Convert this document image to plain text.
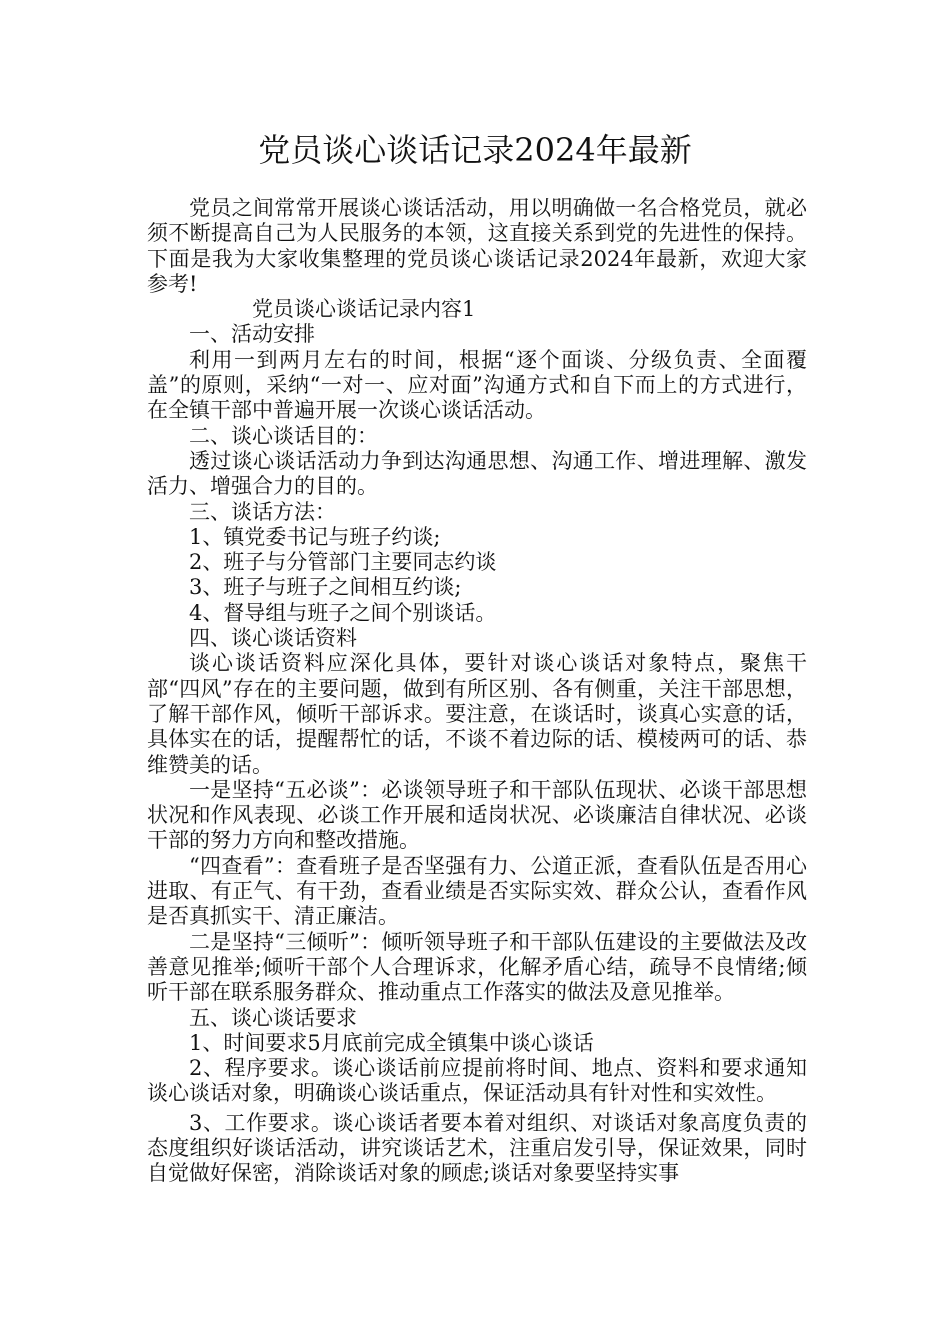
党员谈心谈话记录2024年最新

党员之间常常开展谈心谈话活动，用以明确做一名合格党员，就必须不断提高自己为人民服务的本领，这直接关系到党的先进性的保持。下面是我为大家收集整理的党员谈心谈话记录2024年最新，欢迎大家参考!

党员谈心谈话记录内容1

一、活动安排

利用一到两月左右的时间，根据“逐个面谈、分级负责、全面覆盖”的原则，采纳“一对一、应对面”沟通方式和自下而上的方式进行，在全镇干部中普遍开展一次谈心谈话活动。

二、谈心谈话目的：

透过谈心谈话活动力争到达沟通思想、沟通工作、增进理解、激发活力、增强合力的目的。

三、谈话方法：

1、镇党委书记与班子约谈;

2、班子与分管部门主要同志约谈

3、班子与班子之间相互约谈;

4、督导组与班子之间个别谈话。

四、谈心谈话资料

谈心谈话资料应深化具体，要针对谈心谈话对象特点，聚焦干部“四风”存在的主要问题，做到有所区别、各有侧重，关注干部思想，了解干部作风，倾听干部诉求。要注意，在谈话时，谈真心实意的话，具体实在的话，提醒帮忙的话，不谈不着边际的话、模棱两可的话、恭维赞美的话。

一是坚持“五必谈”：必谈领导班子和干部队伍现状、必谈干部思想状况和作风表现、必谈工作开展和适岗状况、必谈廉洁自律状况、必谈干部的努力方向和整改措施。

“四查看”：查看班子是否坚强有力、公道正派，查看队伍是否用心进取、有正气、有干劲，查看业绩是否实际实效、群众公认，查看作风是否真抓实干、清正廉洁。

二是坚持“三倾听”：倾听领导班子和干部队伍建设的主要做法及改善意见推举;倾听干部个人合理诉求，化解矛盾心结，疏导不良情绪;倾听干部在联系服务群众、推动重点工作落实的做法及意见推举。

五、谈心谈话要求

1、时间要求5月底前完成全镇集中谈心谈话

2、程序要求。谈心谈话前应提前将时间、地点、资料和要求通知谈心谈话对象，明确谈心谈话重点，保证活动具有针对性和实效性。

3、工作要求。谈心谈话者要本着对组织、对谈话对象高度负责的态度组织好谈话活动，讲究谈话艺术，注重启发引导，保证效果，同时自觉做好保密，消除谈话对象的顾虑;谈话对象要坚持实事
